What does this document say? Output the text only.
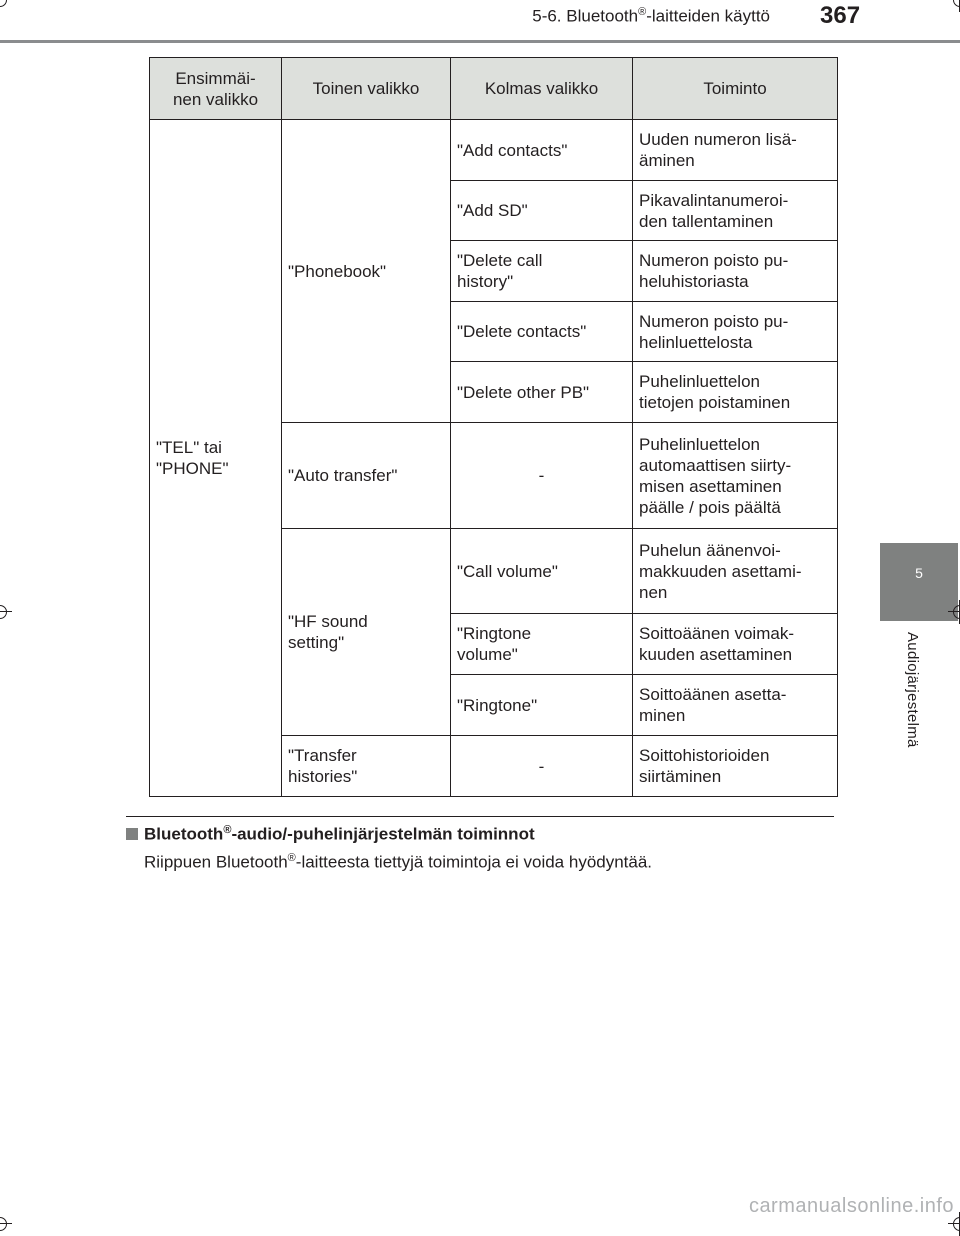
5-6. Bluetooth®-laitteiden käyttö 367
5
Audiojärjestelmä
Ensimmäi-
nen valikko	Toinen valikko	Kolmas valikko	Toiminto
"TEL" tai
"PHONE"	"Phonebook"	"Add contacts"	Uuden numeron lisä-
äminen
		"Add SD"	Pikavalintanumeroi-
den tallentaminen
		"Delete call
history"	Numeron poisto pu-
heluhistoriasta
		"Delete contacts"	Numeron poisto pu-
helinluettelosta
		"Delete other PB"	Puhelinluettelon
tietojen poistaminen
	"Auto transfer"	-	Puhelinluettelon
automaattisen siirty-
misen asettaminen
päälle / pois päältä
	"HF sound
setting"	"Call volume"	Puhelun äänenvoi-
makkuuden asettami-
nen
		"Ringtone
volume"	Soittoäänen voimak-
kuuden asettaminen
		"Ringtone"	Soittoäänen asetta-
minen
	"Transfer
histories"	-	Soittohistorioiden
siirtäminen
Bluetooth®-audio/-puhelinjärjestelmän toiminnot
Riippuen Bluetooth®-laitteesta tiettyjä toimintoja ei voida hyödyntää.
carmanualsonline.info
